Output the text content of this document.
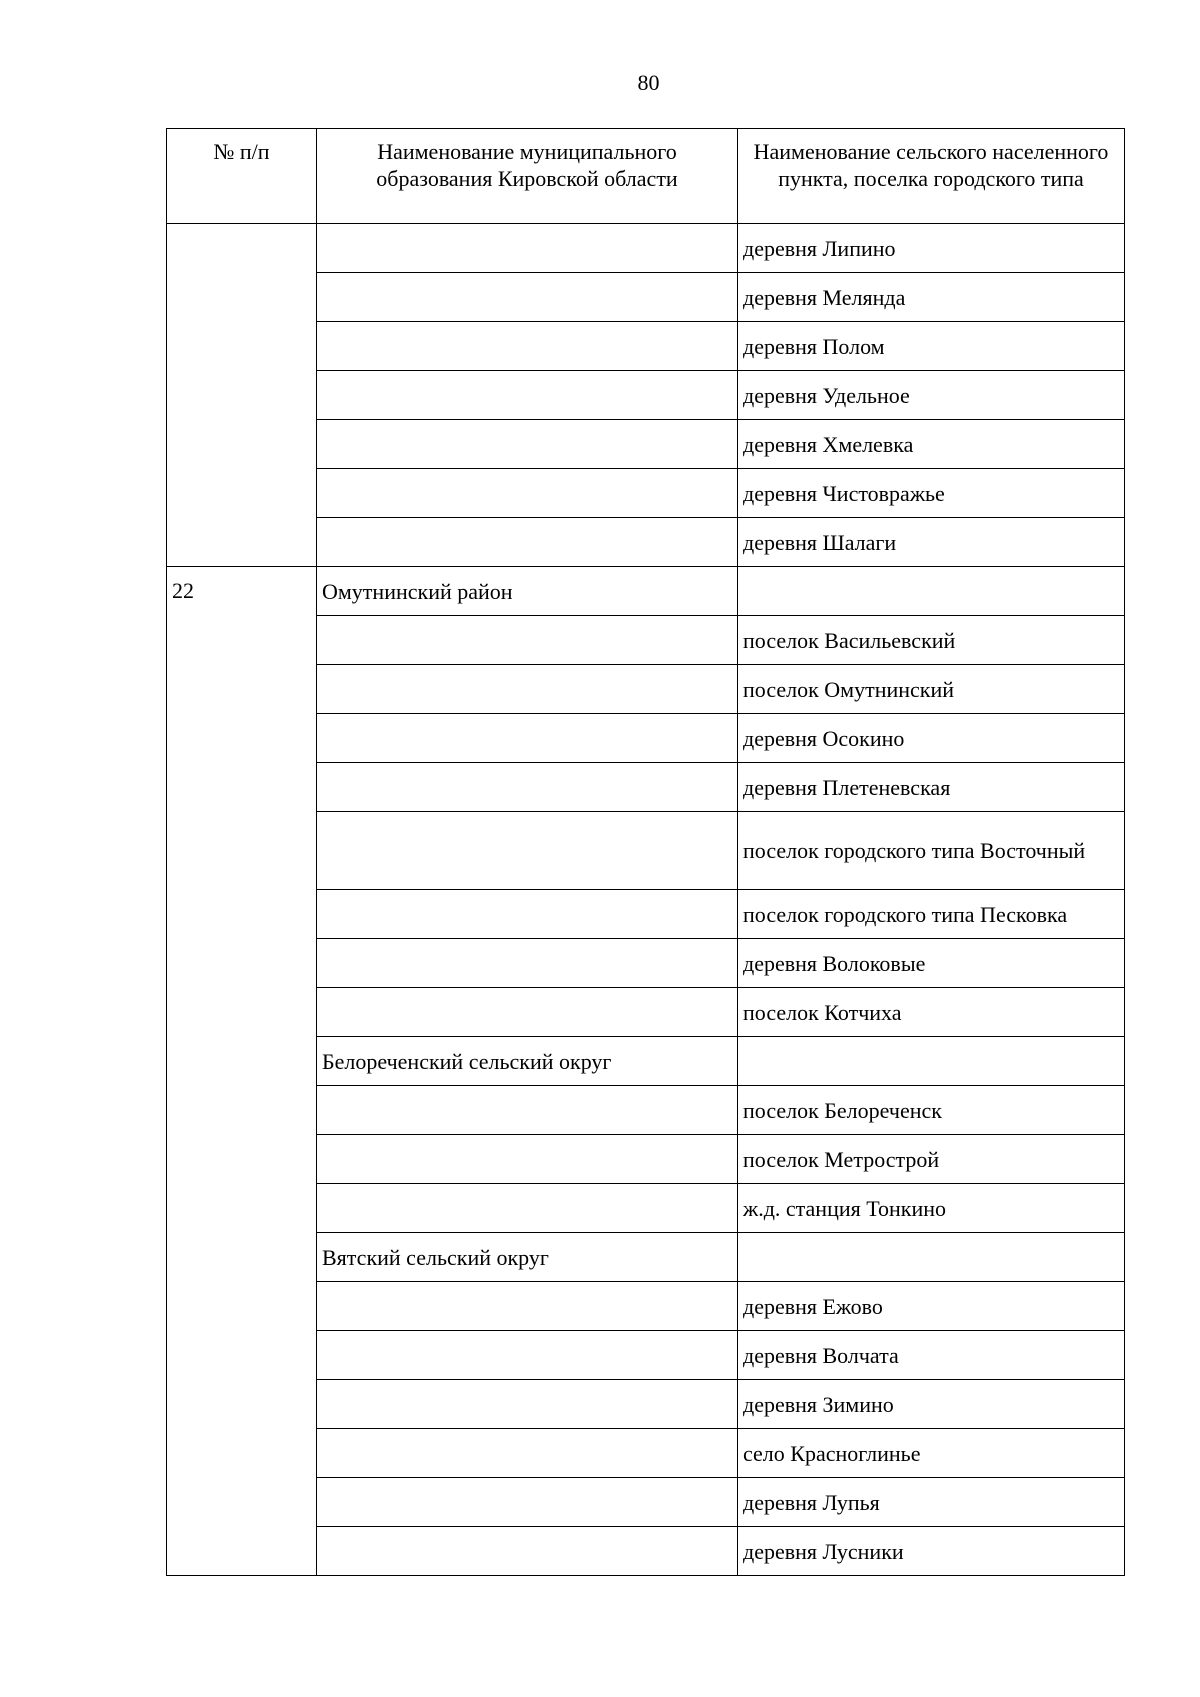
80
№ п/п	Наименование муниципального образования Кировской области	Наименование сельского населенного пункта, поселка городского типа
		деревня Липино
		деревня Меляндa
		деревня Полом
		деревня Удельное
		деревня Хмелевка
		деревня Чистовражье
		деревня Шалаги
22	Омутнинский район	
		поселок Васильевский
		поселок Омутнинский
		деревня Осокино
		деревня Плетеневская
		поселок городского типа Восточный
		поселок городского типа Песковка
		деревня Волоковые
		поселок Котчиха
	Белореченский сельский округ	
		поселок Белореченск
		поселок Метрострой
		ж.д. станция Тонкино
	Вятский сельский округ	
		деревня Ежово
		деревня Волчата
		деревня Зимино
		село Красноглинье
		деревня Лупья
		деревня Лусники
